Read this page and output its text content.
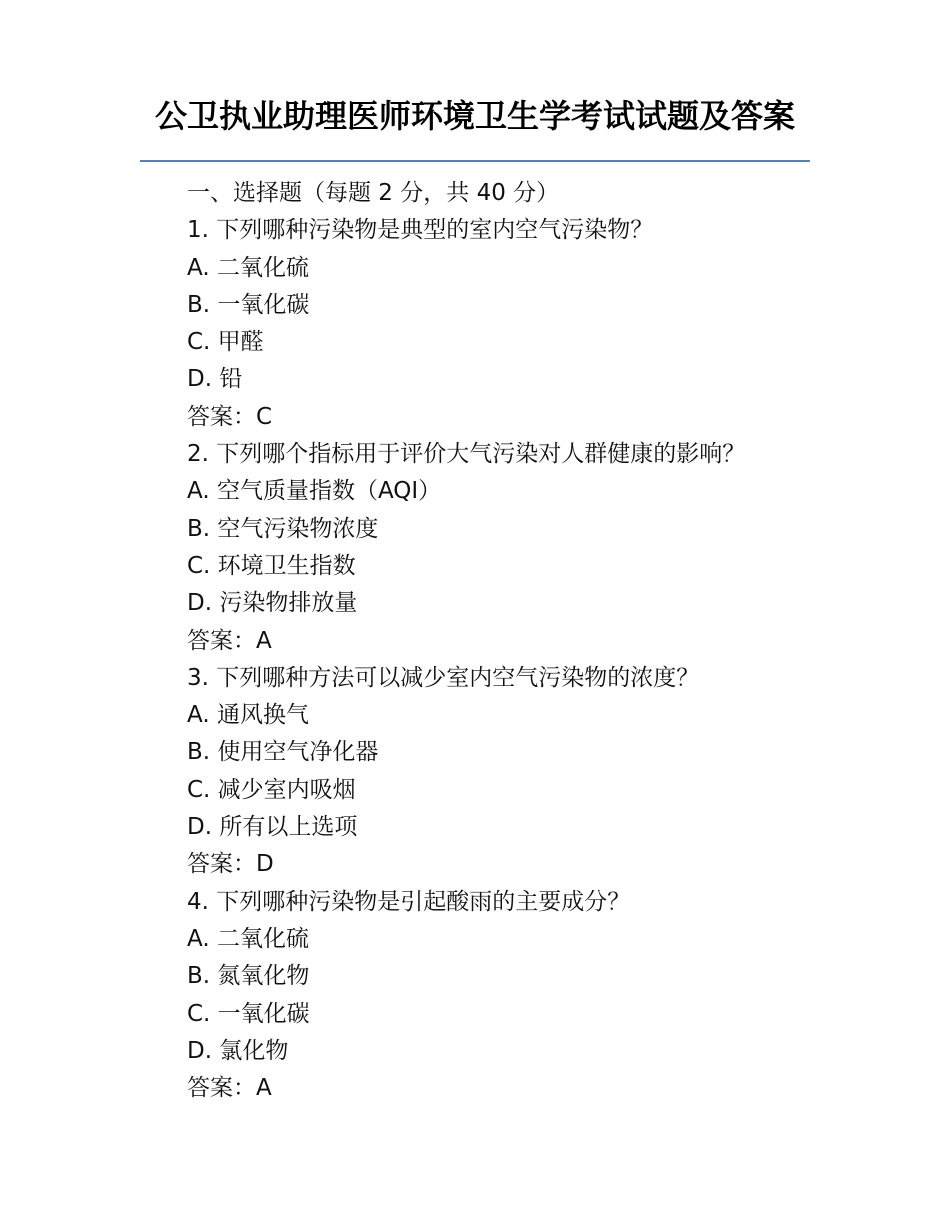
公卫执业助理医师环境卫生学考试试题及答案
一、选择题（每题 2 分，共 40 分）
1. 下列哪种污染物是典型的室内空气污染物？
A. 二氧化硫
B. 一氧化碳
C. 甲醛
D. 铅
答案：C
2. 下列哪个指标用于评价大气污染对人群健康的影响？
A. 空气质量指数（AQI）
B. 空气污染物浓度
C. 环境卫生指数
D. 污染物排放量
答案：A
3. 下列哪种方法可以减少室内空气污染物的浓度？
A. 通风换气
B. 使用空气净化器
C. 减少室内吸烟
D. 所有以上选项
答案：D
4. 下列哪种污染物是引起酸雨的主要成分？
A. 二氧化硫
B. 氮氧化物
C. 一氧化碳
D. 氯化物
答案：A
